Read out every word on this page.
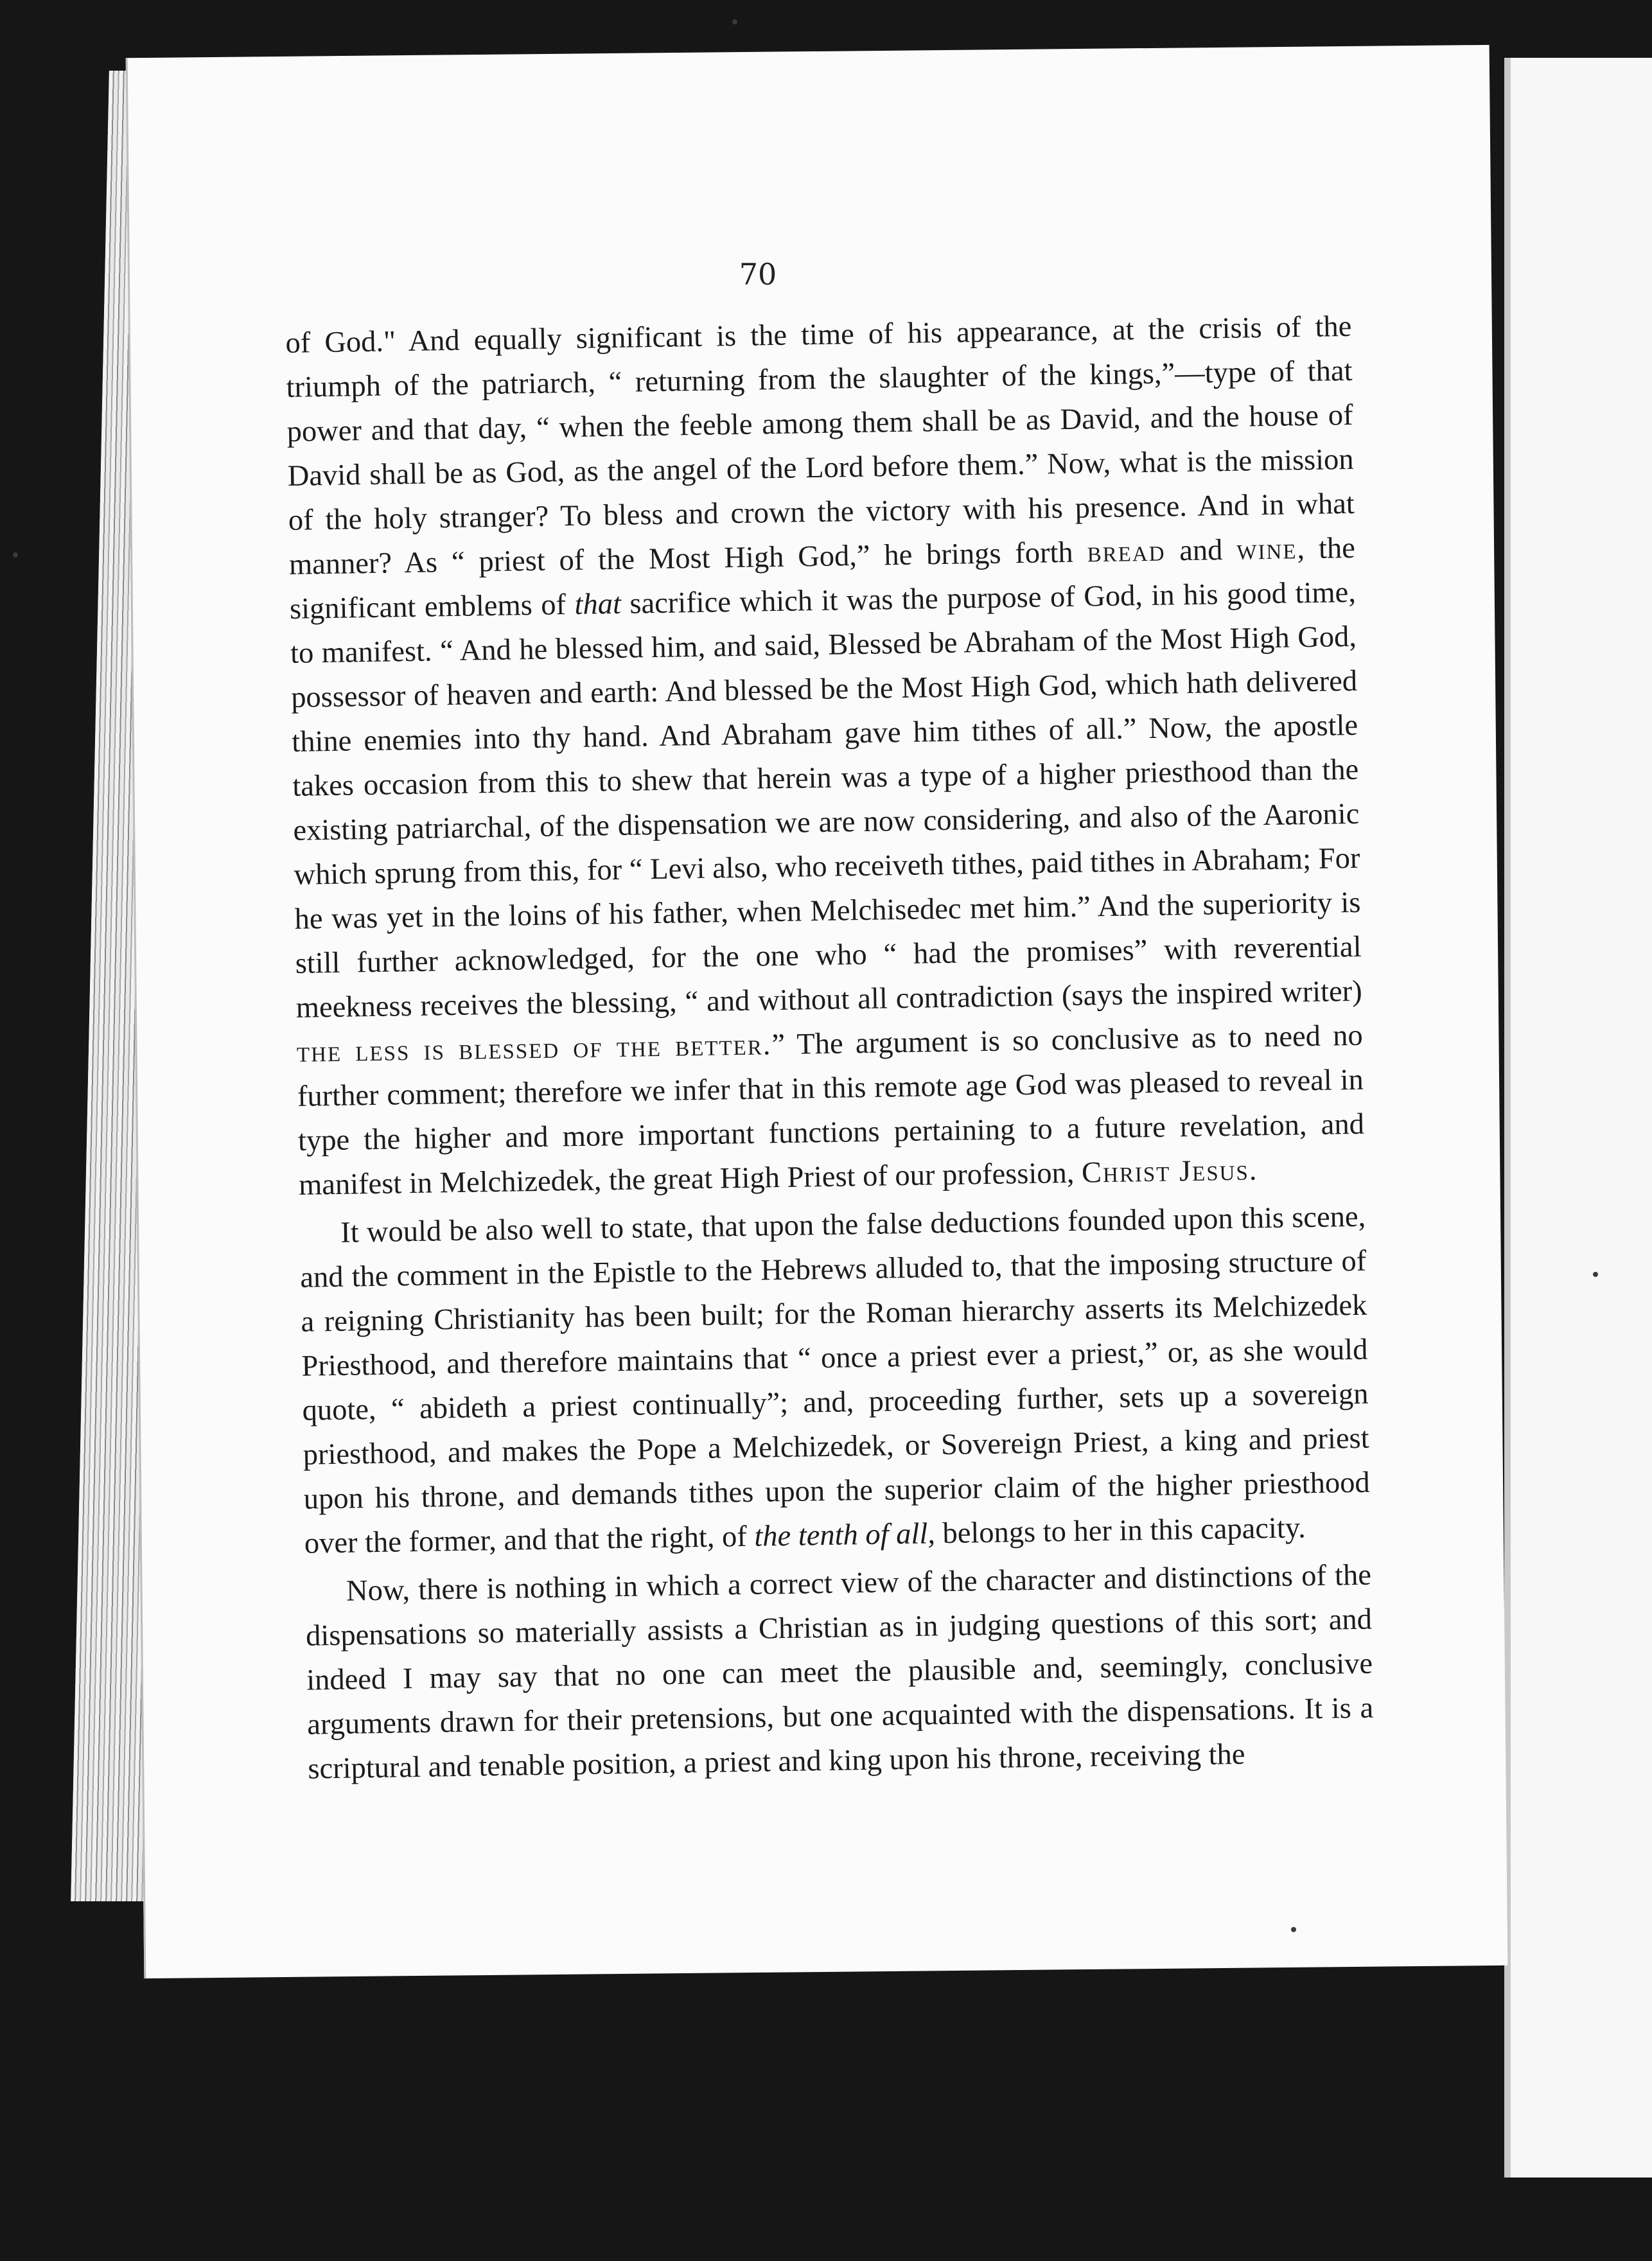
70

of God." And equally significant is the time of his appearance, at the crisis of the triumph of the patriarch, “ returning from the slaughter of the kings,”—type of that power and that day, “ when the feeble among them shall be as David, and the house of David shall be as God, as the angel of the Lord before them.” Now, what is the mission of the holy stranger? To bless and crown the victory with his presence. And in what manner? As “ priest of the Most High God,” he brings forth bread and wine, the significant emblems of that sacrifice which it was the purpose of God, in his good time, to manifest. “ And he blessed him, and said, Blessed be Abraham of the Most High God, possessor of heaven and earth: And blessed be the Most High God, which hath delivered thine enemies into thy hand. And Abraham gave him tithes of all.” Now, the apostle takes occasion from this to shew that herein was a type of a higher priesthood than the existing patriarchal, of the dispensation we are now considering, and also of the Aaronic which sprung from this, for “ Levi also, who receiveth tithes, paid tithes in Abraham; For he was yet in the loins of his father, when Melchisedec met him.” And the superiority is still further acknowledged, for the one who “ had the promises” with reverential meekness receives the blessing, “ and without all contradiction (says the inspired writer) the less is blessed of the better.” The argument is so conclusive as to need no further comment; therefore we infer that in this remote age God was pleased to reveal in type the higher and more important functions pertaining to a future revelation, and manifest in Melchizedek, the great High Priest of our profession, Christ Jesus.

It would be also well to state, that upon the false deductions founded upon this scene, and the comment in the Epistle to the Hebrews alluded to, that the imposing structure of a reigning Christianity has been built; for the Roman hierarchy asserts its Melchizedek Priesthood, and therefore maintains that “ once a priest ever a priest,” or, as she would quote, “ abideth a priest continually”; and, proceeding further, sets up a sovereign priesthood, and makes the Pope a Melchizedek, or Sovereign Priest, a king and priest upon his throne, and demands tithes upon the superior claim of the higher priesthood over the former, and that the right, of the tenth of all, belongs to her in this capacity.

Now, there is nothing in which a correct view of the character and distinctions of the dispensations so materially assists a Christian as in judging questions of this sort; and indeed I may say that no one can meet the plausible and, seemingly, conclusive arguments drawn for their pretensions, but one acquainted with the dispensations. It is a scriptural and tenable position, a priest and king upon his throne, receiving the
